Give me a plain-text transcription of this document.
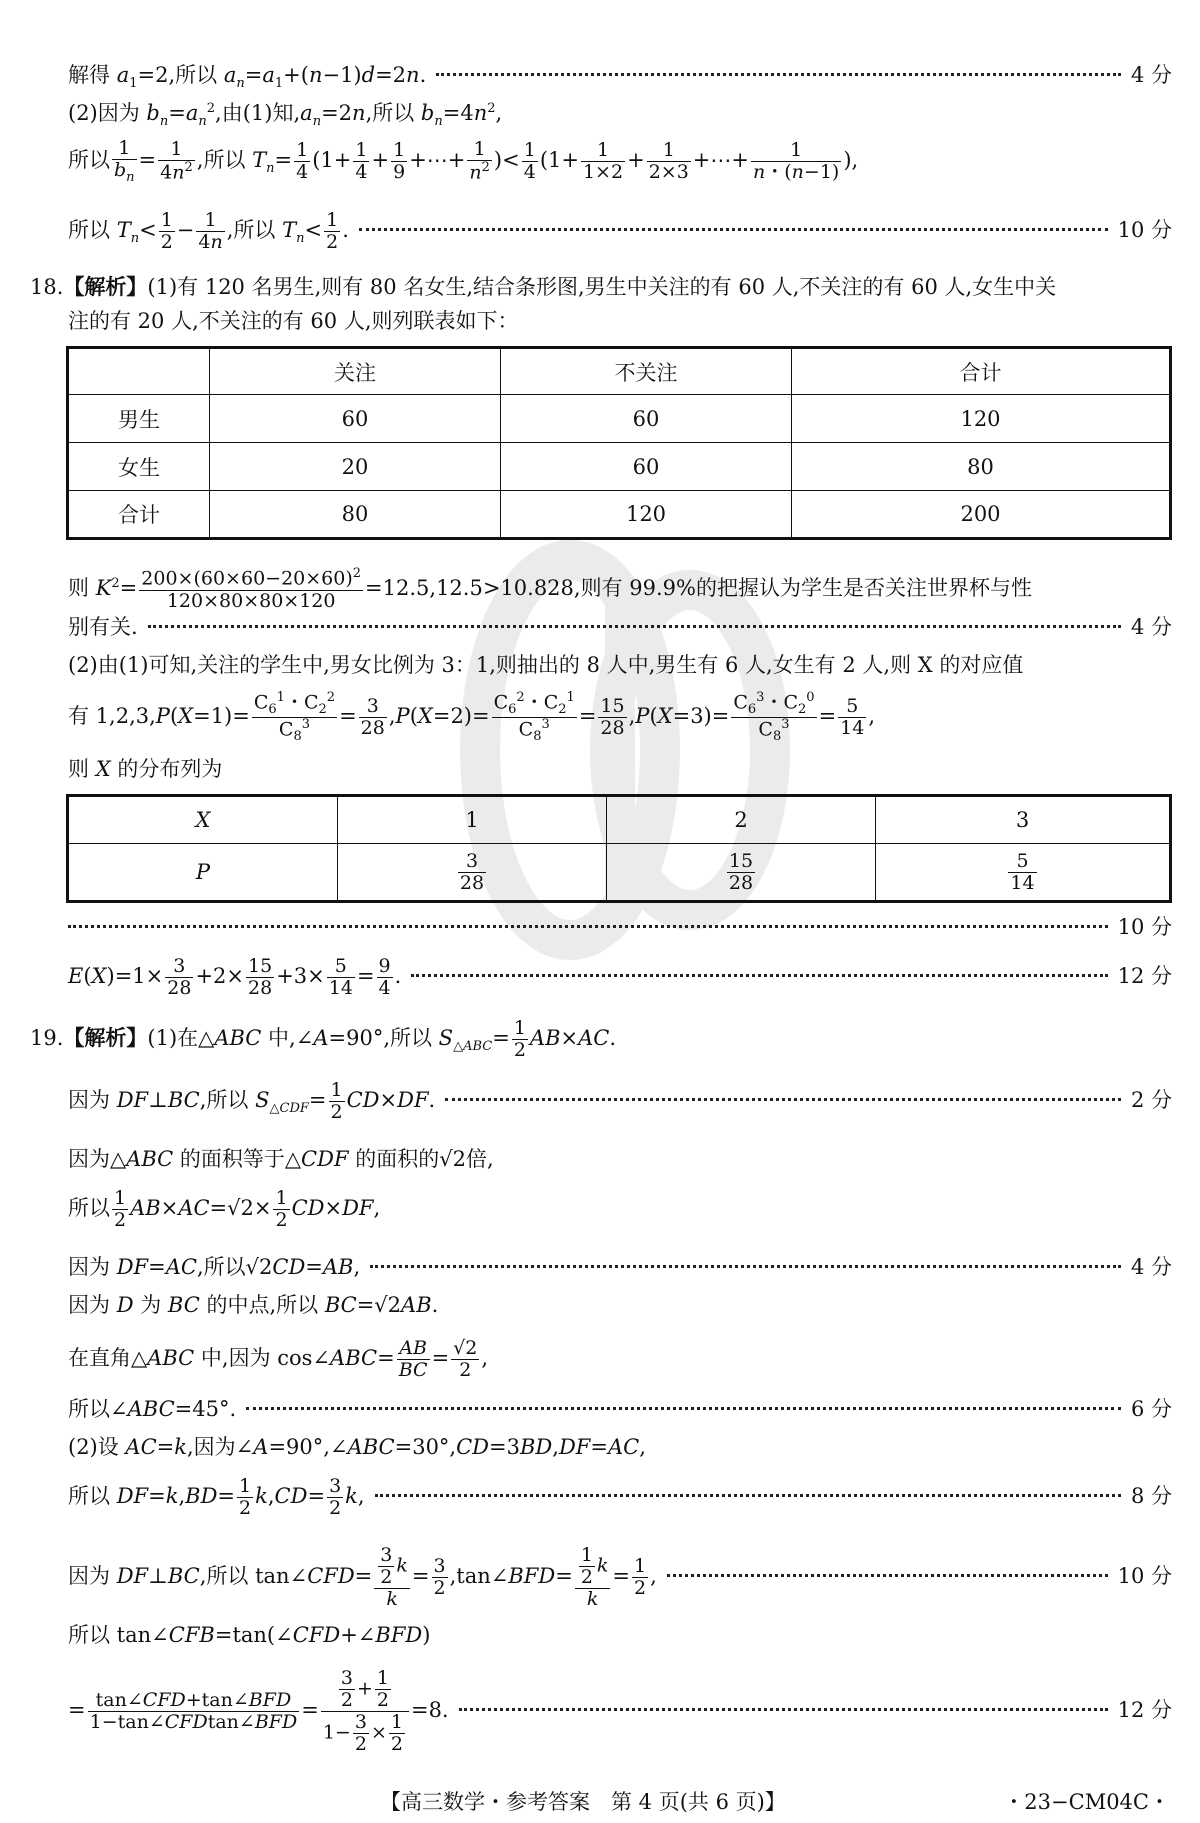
解得 $a_1=2$,所以 $a_n=a_1+(n-1)d=2n$.	4 分
(2)因为 $b_n=a_n^2$,由(1)知$,a_n=2n$,所以 $b_n=4n^2$,
所以 $\frac{1}{b_n} = \frac{1}{4n^2}$ ,所以 $T_n= \frac{1}{4} (1+ \frac{1}{4} + \frac{1}{9}$ +⋯+ $\frac{1}{n^2}$ )< $\frac{1}{4} (1+ \frac{1}{1\times 2} + \frac{1}{2\times 3}$ +⋯+ $\frac{1}{n・(n-1)}$ ),
所以 $T_n< \frac{1}{2} - \frac{1}{4n}$ ,所以 $T_n< \frac{1}{2}$ .	10 分
18.【解析】(1)有 120 名男生,则有 80 名女生,结合条形图,男生中关注的有 60 人,不关注的有 60 人,女生中关
注的有 20 人,不关注的有 60 人,则列联表如下：
	关注	不关注	合计
男生	60	60	120
女生	20	60	80
合计	80	120	200
则 $K^2= \frac{200\times(60\times 60-20\times 60)^2}{120\times 80\times 80\times 120} =12.5,12.5>10.828$,则有 99.9%的把握认为学生是否关注世界杯与性
别有关.	4 分
(2)由(1)可知,关注的学生中,男女比例为 3：1,则抽出的 8 人中,男生有 6 人,女生有 2 人,则 X 的对应值
有 $1,2,3,P(X=1)= \frac{C_6^1・C_2^2}{C_8^3} = \frac{3}{28} ,P(X=2)= \frac{C_6^2・C_2^1}{C_8^3} = \frac{15}{28} ,P(X=3)= \frac{C_6^3・C_2^0}{C_8^3} = \frac{5}{14}$ ,
则 X 的分布列为
X	1	2	3
P	$\frac{3}{28}$	$\frac{15}{28}$	$\frac{5}{14}$
10 分
$E(X)=1\times \frac{3}{28} +2\times \frac{15}{28} +3\times \frac{5}{14} = \frac{9}{4}$ .	12 分
19.【解析】(1)在△ABC 中,∠A=90°,所以 $S_{\triangle ABC}= \frac{1}{2} AB\times AC$.
因为 DF⊥BC,所以 $S_{\triangle CDF}= \frac{1}{2} CD\times DF$.	2 分
因为△ABC 的面积等于△CDF 的面积的√2倍,
所以 $\frac{1}{2} AB\times AC=√2\times \frac{1}{2} CD\times DF$,
因为 DF=AC,所以√2CD=AB,	4 分
因为 D 为 BC 的中点,所以 BC=√2AB.
在直角△ABC 中,因为 cos∠ABC= $\frac{AB}{BC} = \frac{√2}{2}$ ,
所以∠ABC=45°.	6 分
(2)设 AC=k,因为∠A=90°,∠ABC=30°,CD=3BD,DF=AC,
所以 $DF=k,BD= \frac{1}{2} k,CD= \frac{3}{2} k$,	8 分
因为 DF⊥BC,所以 tan∠CFD= $\frac{\frac{3}{2} k}{k} = \frac{3}{2}$ ,tan∠BFD= $\frac{\frac{1}{2} k}{k} = \frac{1}{2}$ ,	10 分
所以 tan∠CFB=tan(∠CFD+∠BFD)
= $\frac{\text{tan∠CFD+tan∠BFD}}{\text{1−tan∠CFDtan∠BFD}} = \frac{\frac{3}{2} + \frac{1}{2}}{1- \frac{3}{2} \times \frac{1}{2}} =8$.	12 分
【高三数学・参考答案　第 4 页(共 6 页)】	・23−CM04C・
